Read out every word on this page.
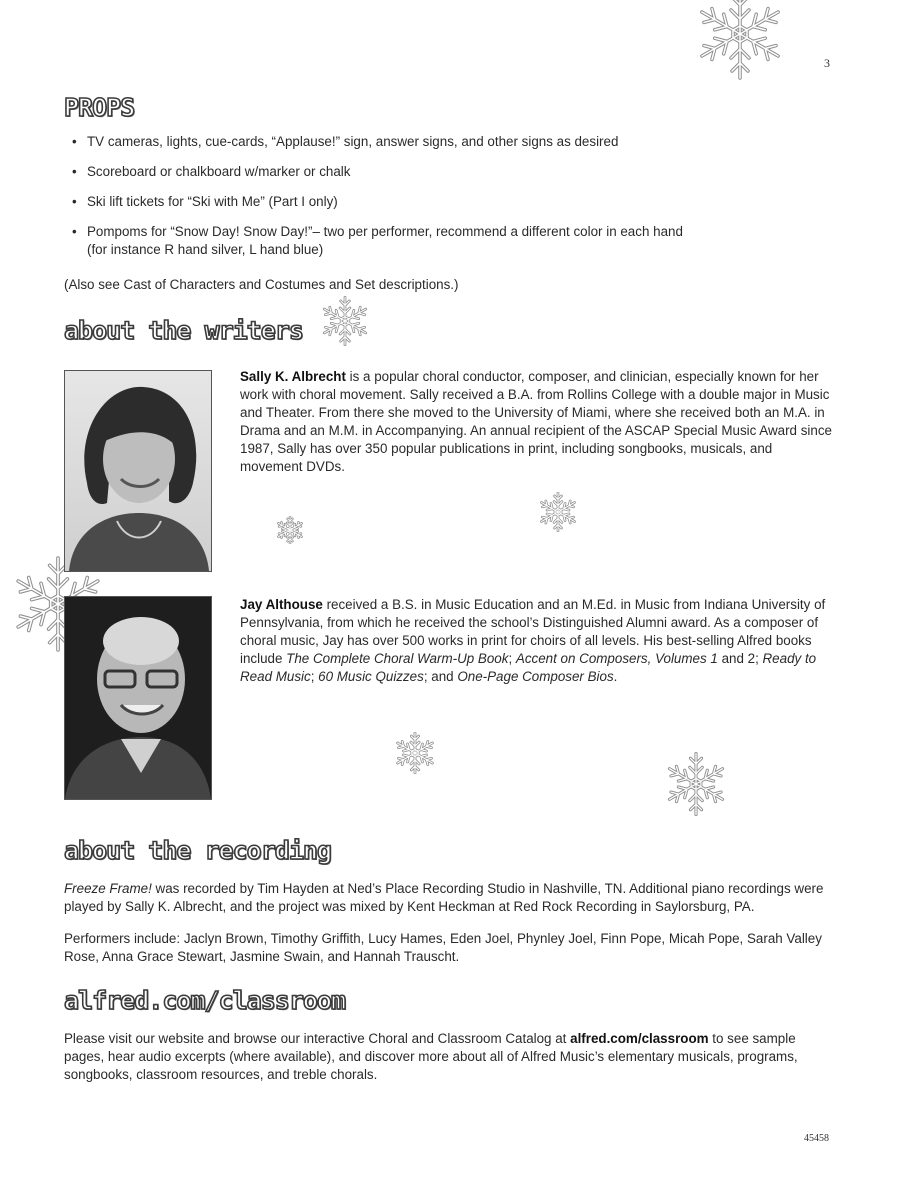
3
PROPS
• TV cameras, lights, cue-cards, “Applause!” sign, answer signs, and other signs as desired
• Scoreboard or chalkboard w/marker or chalk
• Ski lift tickets for “Ski with Me” (Part I only)
• Pompoms for “Snow Day! Snow Day!”– two per performer, recommend a different color in each hand
(for instance R hand silver, L hand blue)
(Also see Cast of Characters and Costumes and Set descriptions.)
about the writers
Sally K. Albrecht is a popular choral conductor, composer, and clinician, especially known for her work with choral movement. Sally received a B.A. from Rollins College with a double major in Music and Theater. From there she moved to the University of Miami, where she received both an M.A. in Drama and an M.M. in Accompanying. An annual recipient of the ASCAP Special Music Award since 1987, Sally has over 350 popular publications in print, including songbooks, musicals, and movement DVDs.
Jay Althouse received a B.S. in Music Education and an M.Ed. in Music from Indiana University of Pennsylvania, from which he received the school’s Distinguished Alumni award. As a composer of choral music, Jay has over 500 works in print for choirs of all levels. His best-selling Alfred books include The Complete Choral Warm-Up Book; Accent on Composers, Volumes 1 and 2; Ready to Read Music; 60 Music Quizzes; and One-Page Composer Bios.
about the recording
Freeze Frame! was recorded by Tim Hayden at Ned’s Place Recording Studio in Nashville, TN. Additional piano recordings were played by Sally K. Albrecht, and the project was mixed by Kent Heckman at Red Rock Recording in Saylorsburg, PA.
Performers include: Jaclyn Brown, Timothy Griffith, Lucy Hames, Eden Joel, Phynley Joel, Finn Pope, Micah Pope, Sarah Valley Rose, Anna Grace Stewart, Jasmine Swain, and Hannah Trauscht.
alfred.com/classroom
Please visit our website and browse our interactive Choral and Classroom Catalog at alfred.com/classroom to see sample pages, hear audio excerpts (where available), and discover more about all of Alfred Music’s elementary musicals, programs, songbooks, classroom resources, and treble chorals.
45458
